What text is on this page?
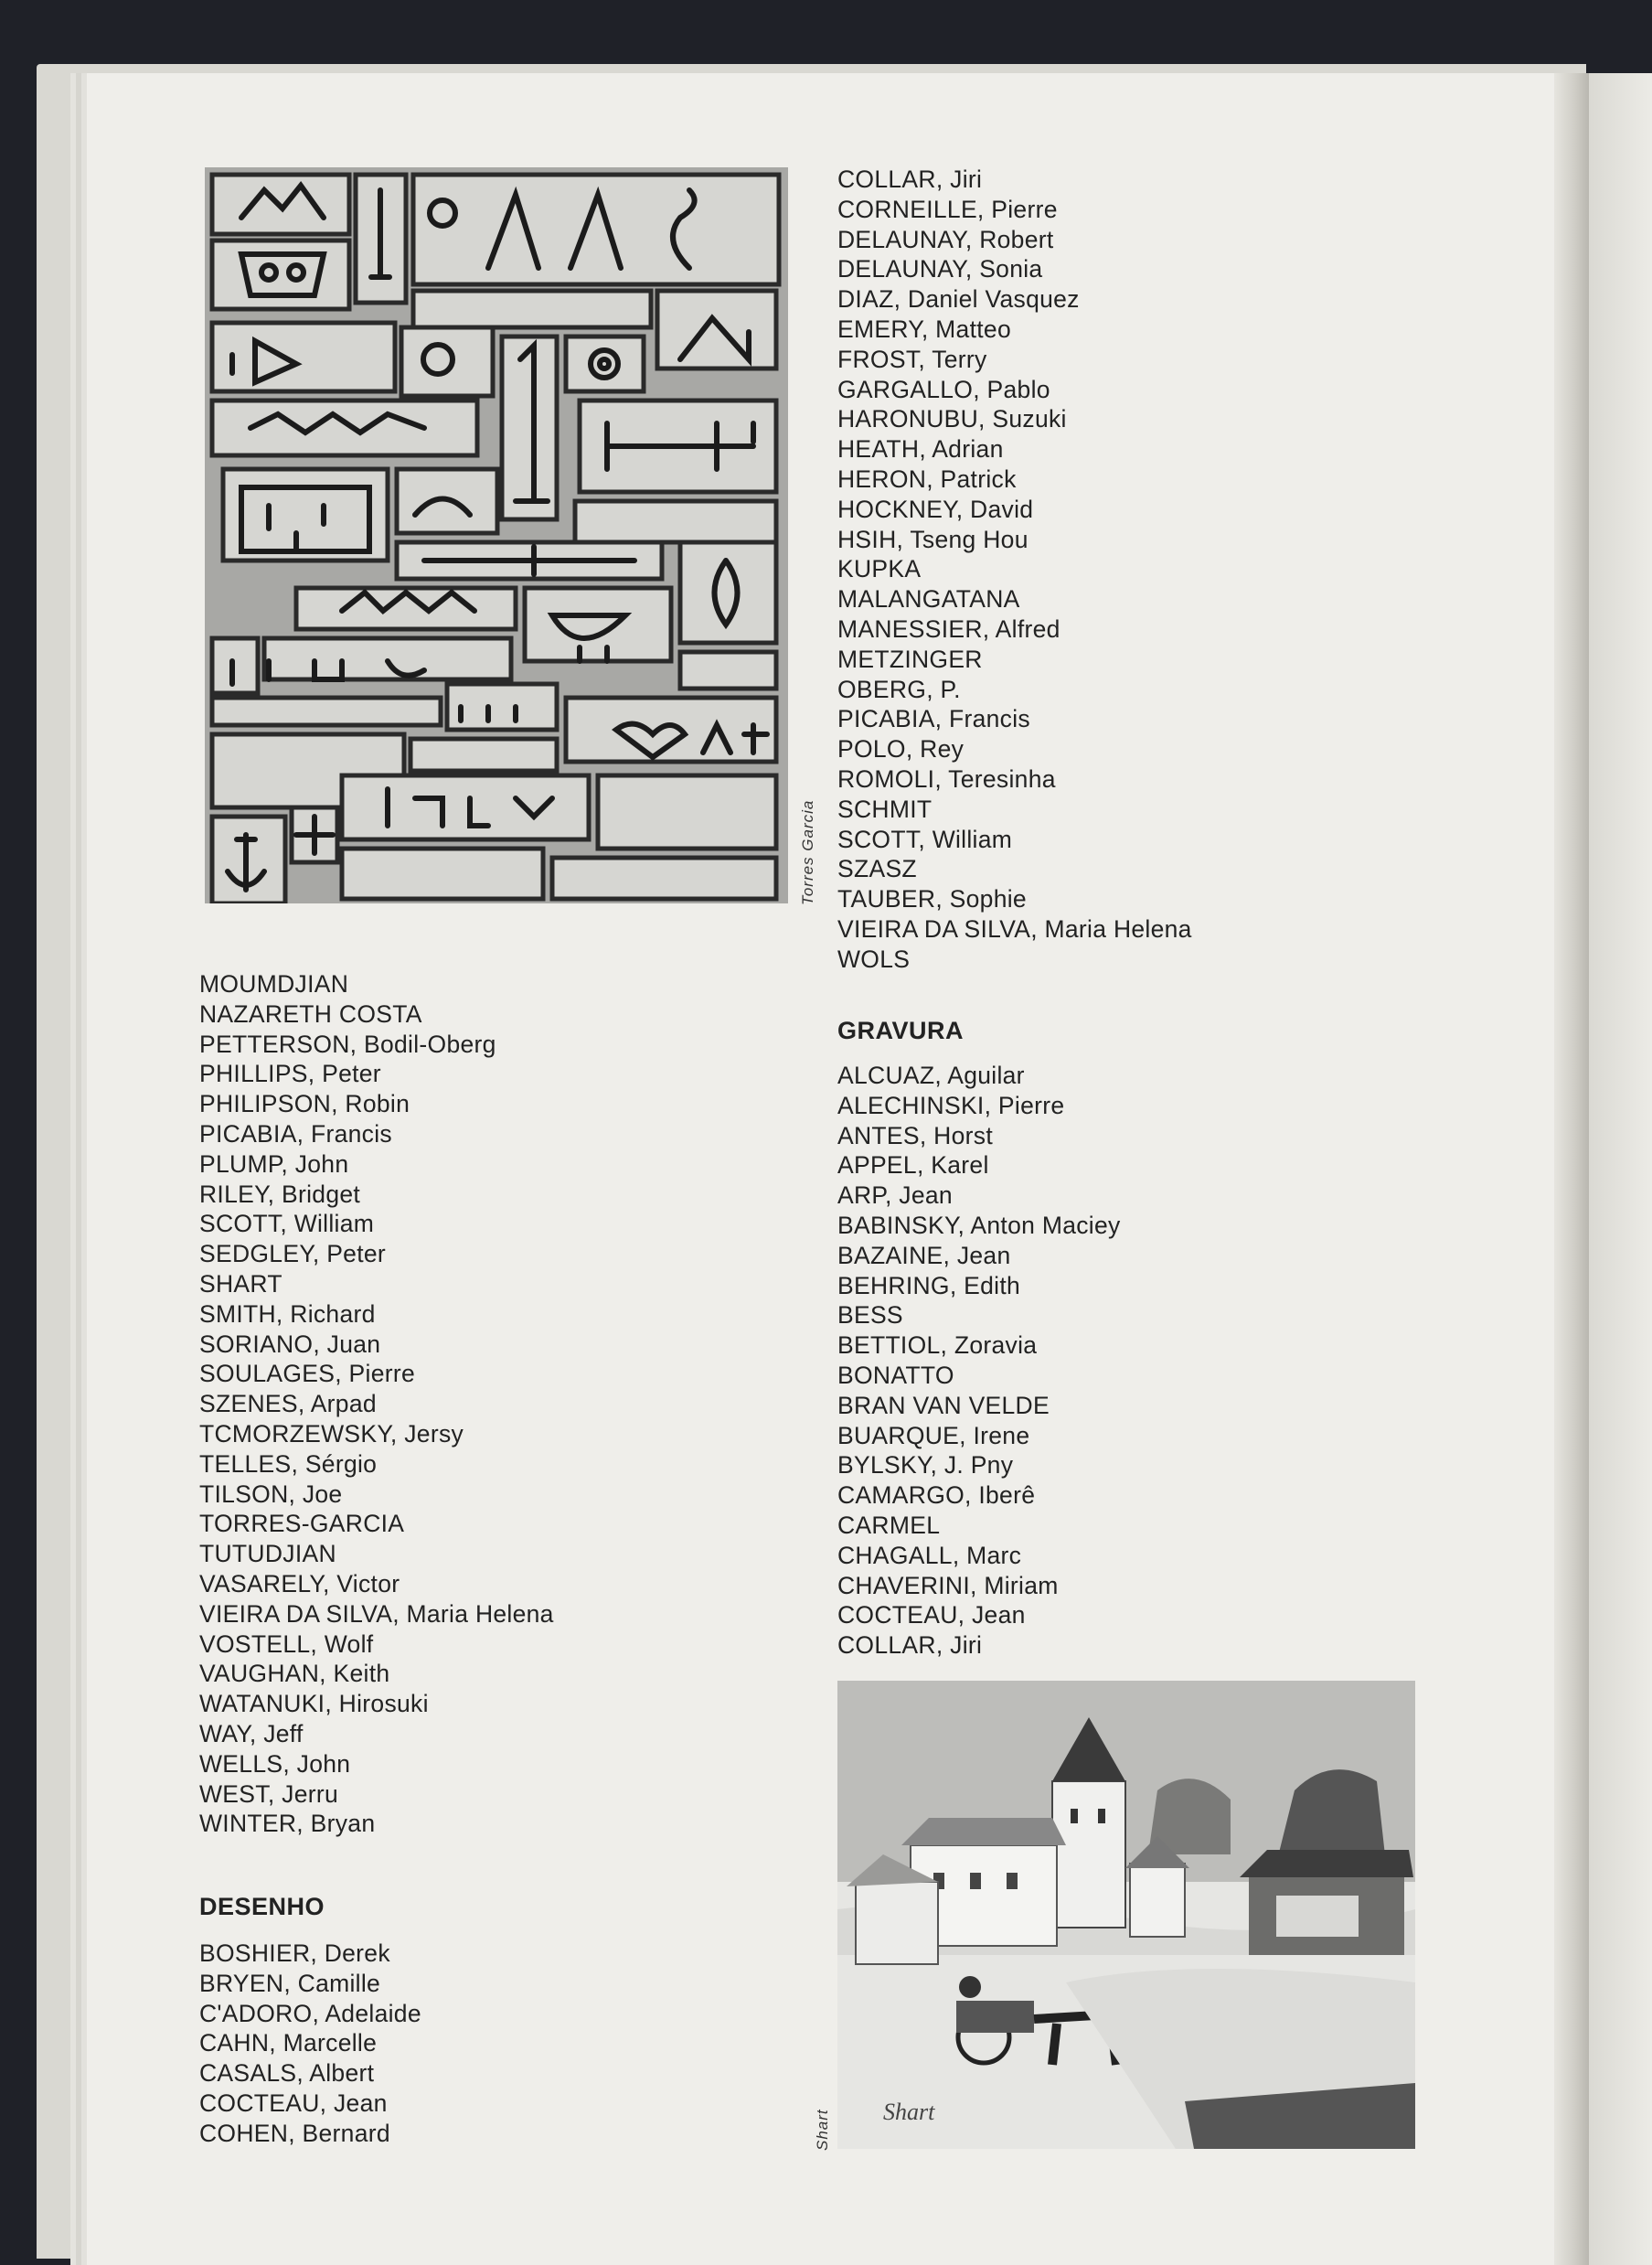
Torres Garcia
COLLAR, Jiri
CORNEILLE, Pierre
DELAUNAY, Robert
DELAUNAY, Sonia
DIAZ, Daniel Vasquez
EMERY, Matteo
FROST, Terry
GARGALLO, Pablo
HARONUBU, Suzuki
HEATH, Adrian
HERON, Patrick
HOCKNEY, David
HSIH, Tseng Hou
KUPKA
MALANGATANA
MANESSIER, Alfred
METZINGER
OBERG, P.
PICABIA, Francis
POLO, Rey
ROMOLI, Teresinha
SCHMIT
SCOTT, William
SZASZ
TAUBER, Sophie
VIEIRA DA SILVA, Maria Helena
WOLS
GRAVURA
ALCUAZ, Aguilar
ALECHINSKI, Pierre
ANTES, Horst
APPEL, Karel
ARP, Jean
BABINSKY, Anton Maciey
BAZAINE, Jean
BEHRING, Edith
BESS
BETTIOL, Zoravia
BONATTO
BRAN VAN VELDE
BUARQUE, Irene
BYLSKY, J. Pny
CAMARGO, Iberê
CARMEL
CHAGALL, Marc
CHAVERINI, Miriam
COCTEAU, Jean
COLLAR, Jiri
MOUMDJIAN
NAZARETH COSTA
PETTERSON, Bodil-Oberg
PHILLIPS, Peter
PHILIPSON, Robin
PICABIA, Francis
PLUMP, John
RILEY, Bridget
SCOTT, William
SEDGLEY, Peter
SHART
SMITH, Richard
SORIANO, Juan
SOULAGES, Pierre
SZENES, Arpad
TCMORZEWSKY, Jersy
TELLES, Sérgio
TILSON, Joe
TORRES-GARCIA
TUTUDJIAN
VASARELY, Victor
VIEIRA DA SILVA, Maria Helena
VOSTELL, Wolf
VAUGHAN, Keith
WATANUKI, Hirosuki
WAY, Jeff
WELLS, John
WEST, Jerru
WINTER, Bryan
DESENHO
BOSHIER, Derek
BRYEN, Camille
C'ADORO, Adelaide
CAHN, Marcelle
CASALS, Albert
COCTEAU, Jean
COHEN, Bernard
Shart
Shart
